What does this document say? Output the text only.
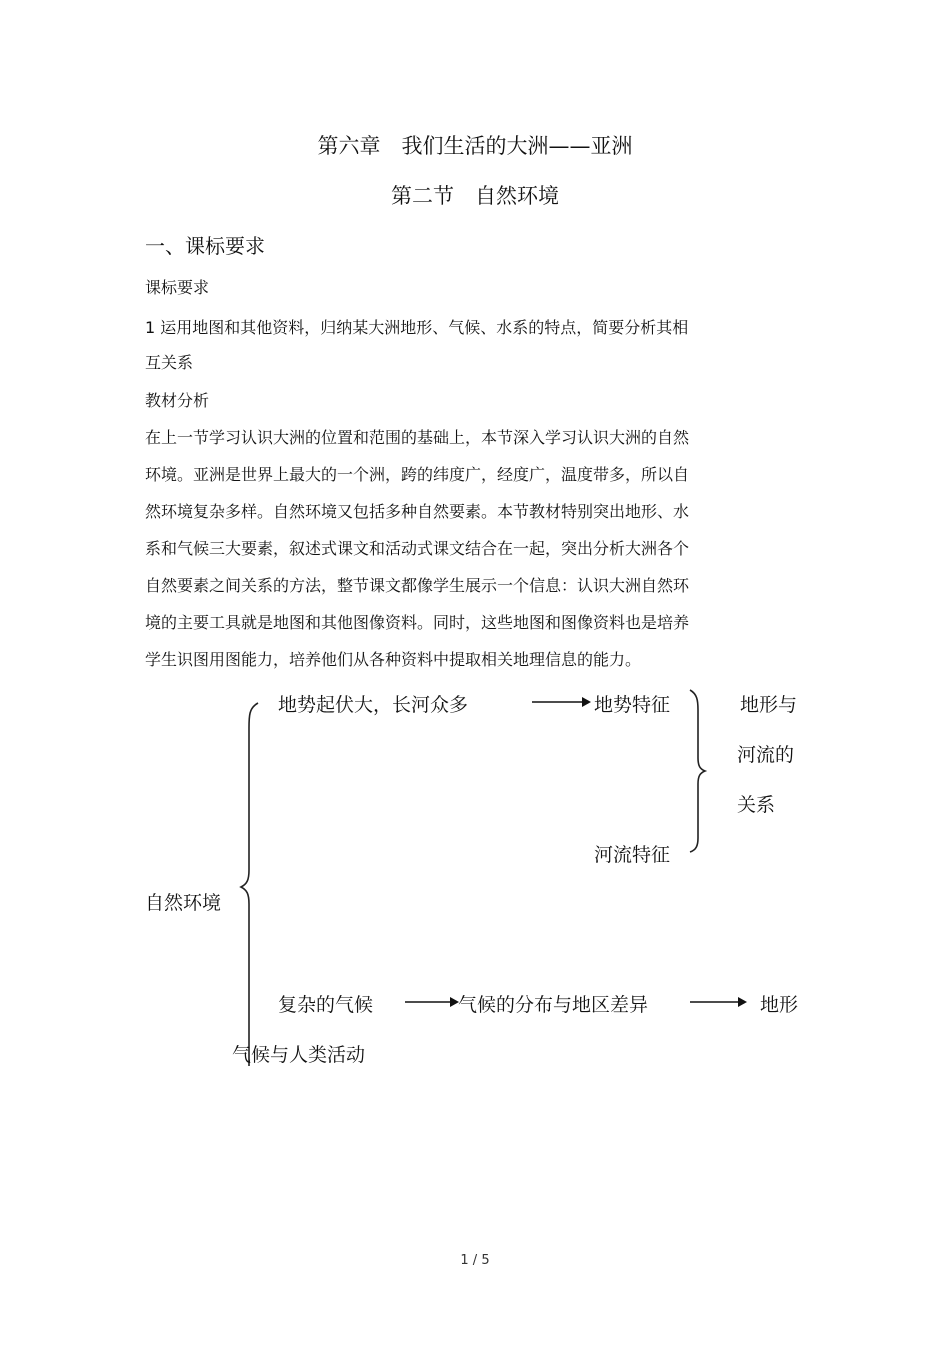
第六章　我们生活的大洲——亚洲
第二节　自然环境
一、课标要求
课标要求
1 运用地图和其他资料，归纳某大洲地形、气候、水系的特点，简要分析其相
互关系
教材分析
在上一节学习认识大洲的位置和范围的基础上，本节深入学习认识大洲的自然
环境。亚洲是世界上最大的一个洲，跨的纬度广，经度广，温度带多，所以自
然环境复杂多样。自然环境又包括多种自然要素。本节教材特别突出地形、水
系和气候三大要素，叙述式课文和活动式课文结合在一起，突出分析大洲各个
自然要素之间关系的方法，整节课文都像学生展示一个信息：认识大洲自然环
境的主要工具就是地图和其他图像资料。同时，这些地图和图像资料也是培养
学生识图用图能力，培养他们从各种资料中提取相关地理信息的能力。
地势起伏大，长河众多	地势特征	地形与
河流的
关系
河流特征
自然环境
复杂的气候	气候的分布与地区差异	地形
气候与人类活动
1 / 5
